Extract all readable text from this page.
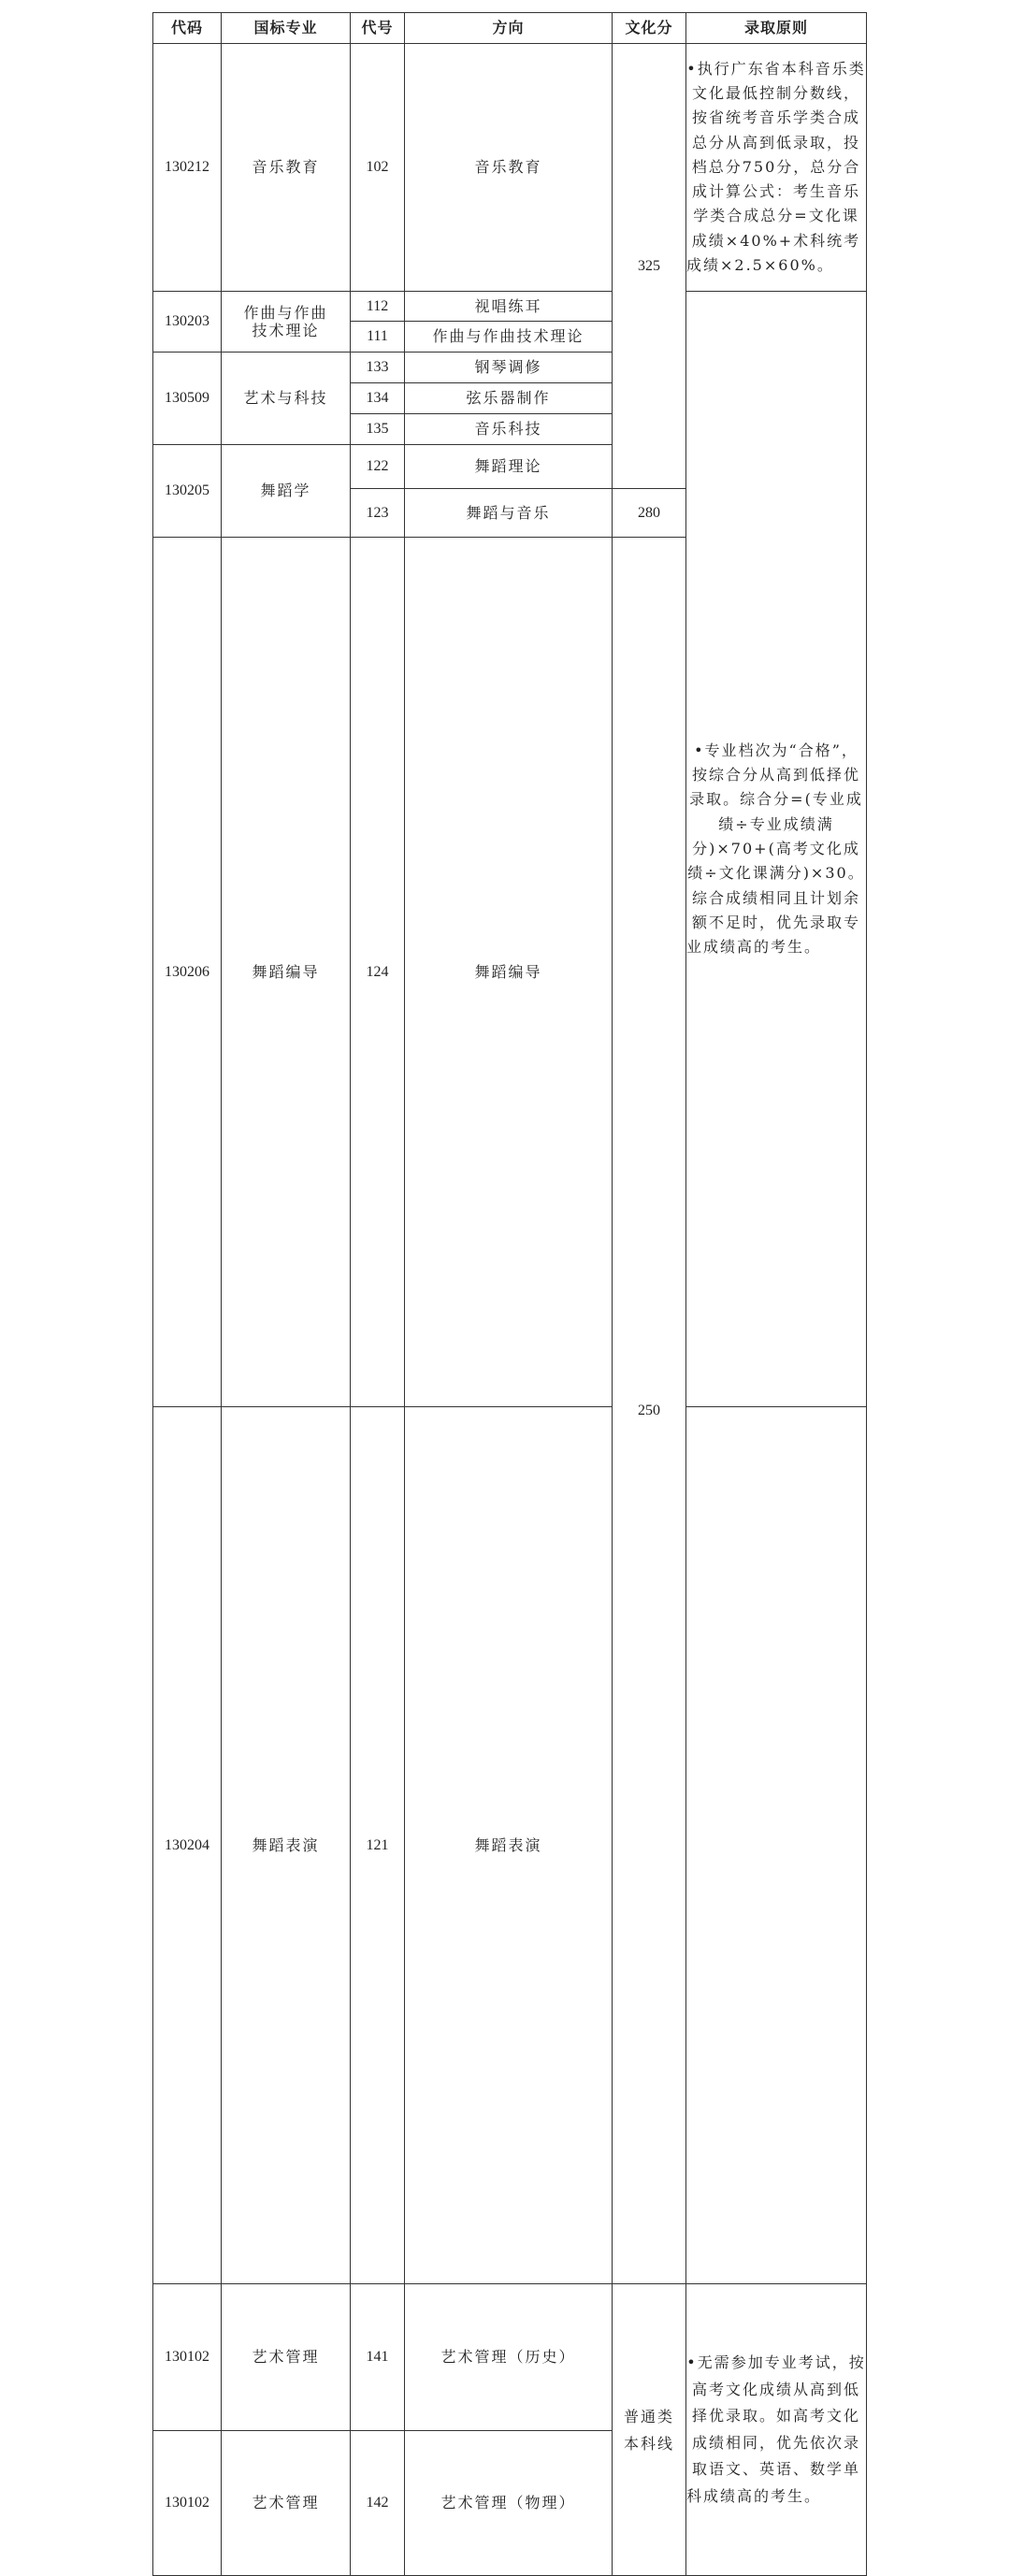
代码	国标专业	代号	方向	文化分	录取原则	
130212	音乐教育	102	音乐教育	325	•执行广东省本科音乐类文化最低控制分数线，按省统考音乐学类合成总分从高到低录取，投档总分750分，总分合成计算公式：考生音乐学类合成总分=文化课成绩×40%+术科统考成绩×2.5×60%。	

130203	作曲与作曲技术理论	112	视唱练耳		•专业档次为“合格”，按综合分从高到低择优录取。综合分=(专业成绩÷专业成绩满分)×70+(高考文化成绩÷文化课满分)×30。综合成绩相同且计划余额不足时，优先录取专业成绩高的考生。	
		111	作曲与作曲技术理论			
130509	艺术与科技	133	钢琴调修			
		134	弦乐器制作			
		135	音乐科技			
130205	舞蹈学	122	舞蹈理论			
		123	舞蹈与音乐	280		
130206	舞蹈编导	124	舞蹈编导	250	
130204	舞蹈表演	121	舞蹈表演			
130102	艺术管理	141	艺术管理（历史）	普通类本科线	•无需参加专业考试，按高考文化成绩从高到低择优录取。如高考文化成绩相同，优先依次录取语文、英语、数学单科成绩高的考生。	
130102	艺术管理	142	艺术管理（物理）			
